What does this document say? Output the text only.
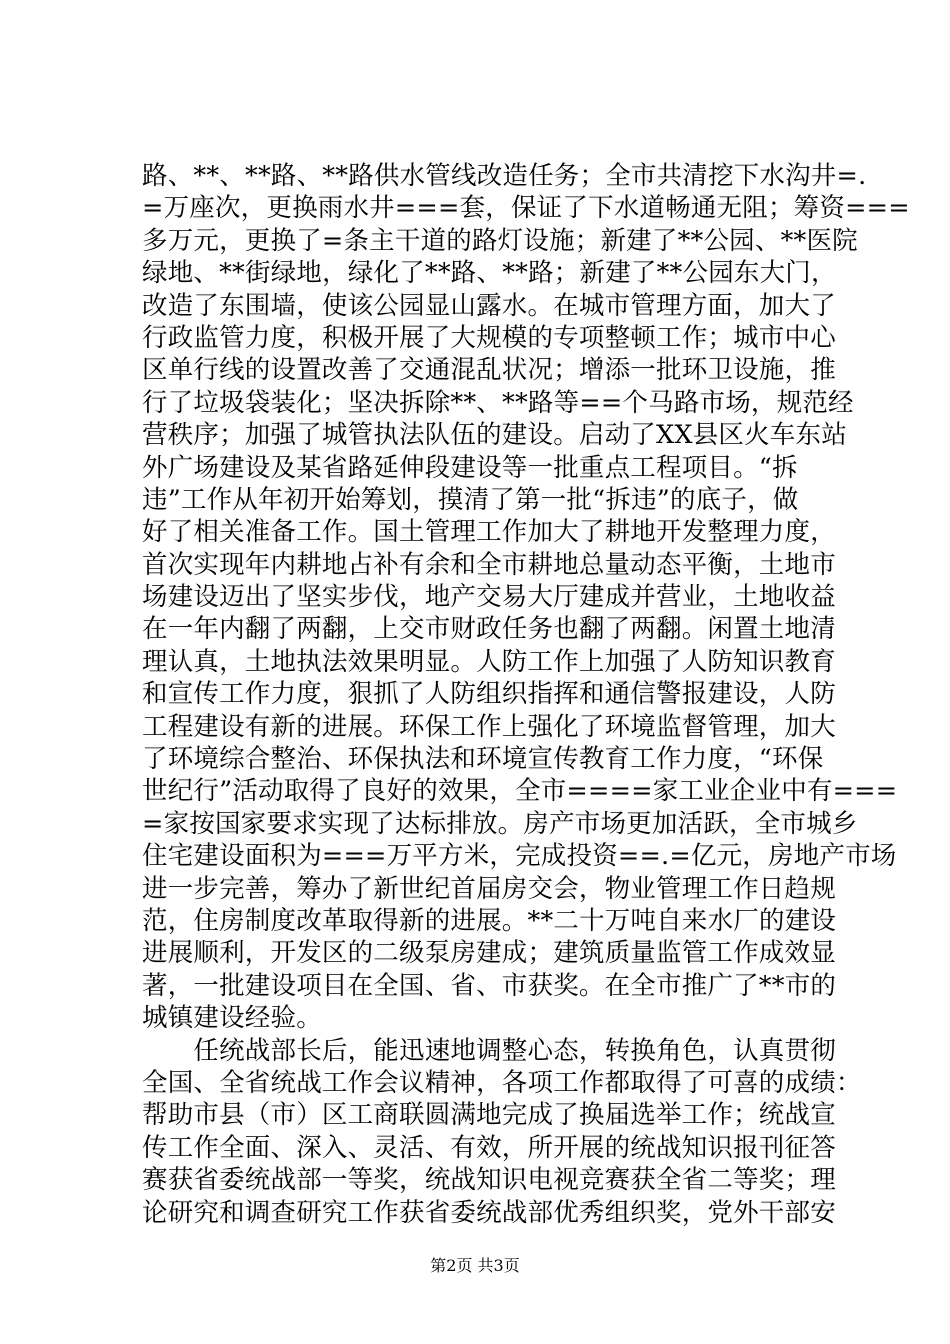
路、**、**路、**路供水管线改造任务；全市共清挖下水沟井=.
=万座次，更换雨水井===套，保证了下水道畅通无阻；筹资===
多万元，更换了=条主干道的路灯设施；新建了**公园、**医院
绿地、**街绿地，绿化了**路、**路；新建了**公园东大门，
改造了东围墙，使该公园显山露水。在城市管理方面，加大了
行政监管力度，积极开展了大规模的专项整顿工作；城市中心
区单行线的设置改善了交通混乱状况；增添一批环卫设施，推
行了垃圾袋装化；坚决拆除**、**路等==个马路市场，规范经
营秩序；加强了城管执法队伍的建设。启动了XX县区火车东站
外广场建设及某省路延伸段建设等一批重点工程项目。“拆
违”工作从年初开始筹划，摸清了第一批“拆违”的底子，做
好了相关准备工作。国土管理工作加大了耕地开发整理力度，
首次实现年内耕地占补有余和全市耕地总量动态平衡，土地市
场建设迈出了坚实步伐，地产交易大厅建成并营业，土地收益
在一年内翻了两翻，上交市财政任务也翻了两翻。闲置土地清
理认真，土地执法效果明显。人防工作上加强了人防知识教育
和宣传工作力度，狠抓了人防组织指挥和通信警报建设，人防
工程建设有新的进展。环保工作上强化了环境监督管理，加大
了环境综合整治、环保执法和环境宣传教育工作力度，“环保
世纪行”活动取得了良好的效果，全市====家工业企业中有===
=家按国家要求实现了达标排放。房产市场更加活跃，全市城乡
住宅建设面积为===万平方米，完成投资==.=亿元，房地产市场
进一步完善，筹办了新世纪首届房交会，物业管理工作日趋规
范，住房制度改革取得新的进展。**二十万吨自来水厂的建设
进展顺利，开发区的二级泵房建成；建筑质量监管工作成效显
著，一批建设项目在全国、省、市获奖。在全市推广了**市的
城镇建设经验。
　　任统战部长后，能迅速地调整心态，转换角色，认真贯彻
全国、全省统战工作会议精神，各项工作都取得了可喜的成绩：
帮助市县（市）区工商联圆满地完成了换届选举工作；统战宣
传工作全面、深入、灵活、有效，所开展的统战知识报刊征答
赛获省委统战部一等奖，统战知识电视竞赛获全省二等奖；理
论研究和调查研究工作获省委统战部优秀组织奖，党外干部安
第2页 共3页
